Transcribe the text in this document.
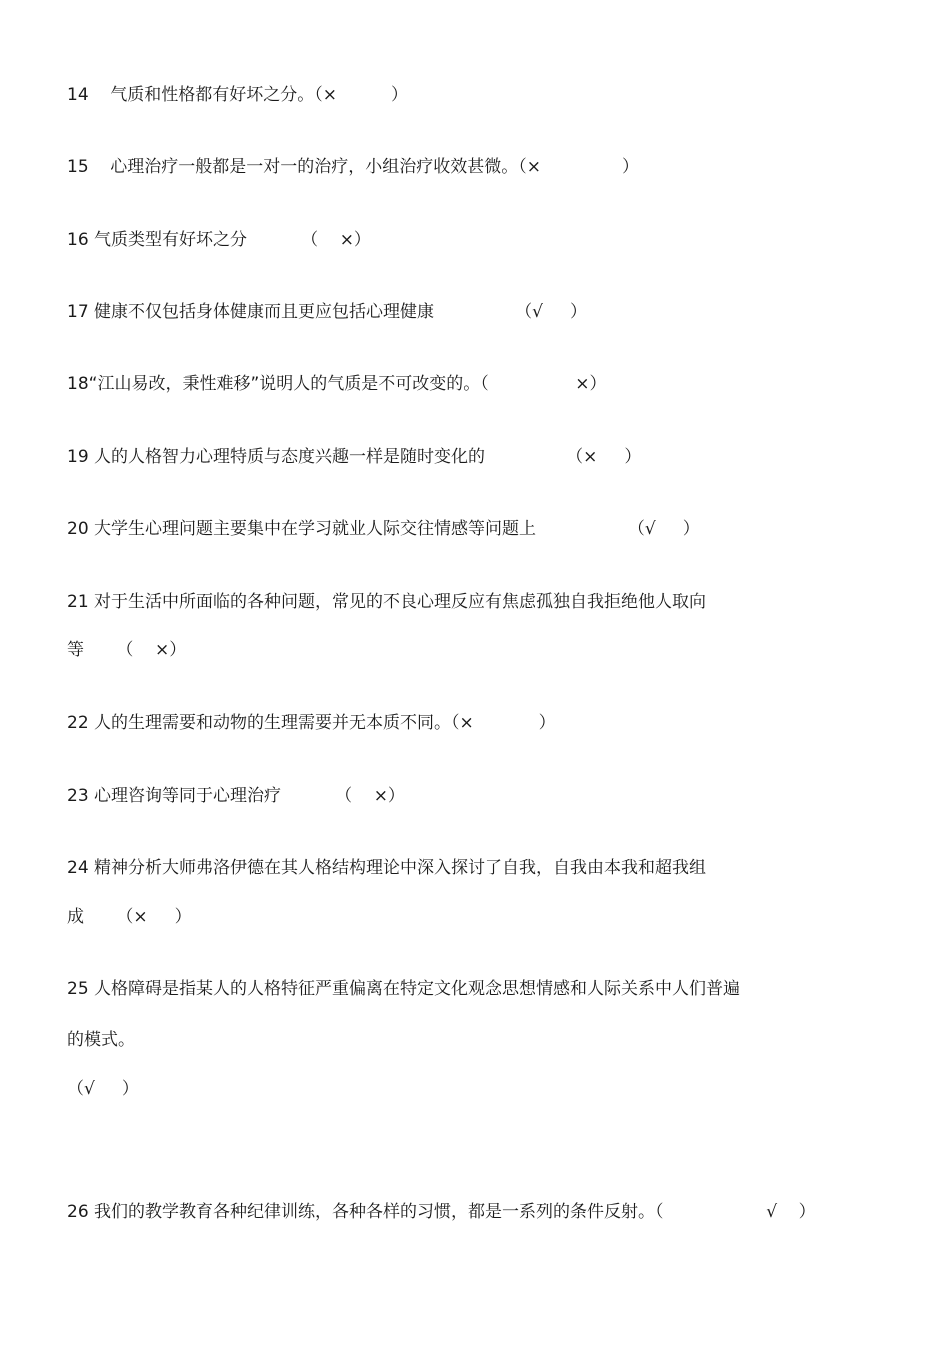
14    气质和性格都有好坏之分。（×          ）
15    心理治疗一般都是一对一的治疗，小组治疗收效甚微。（×               ）
16 气质类型有好坏之分          （    ×）
17 健康不仅包括身体健康而且更应包括心理健康               （√     ）
18“江山易改，秉性难移”说明人的气质是不可改变的。（                ×）
19 人的人格智力心理特质与态度兴趣一样是随时变化的               （×     ）
20 大学生心理问题主要集中在学习就业人际交往情感等问题上                 （√     ）
21 对于生活中所面临的各种问题，常见的不良心理反应有焦虑孤独自我拒绝他人取向
等      （    ×）
22 人的生理需要和动物的生理需要并无本质不同。（×            ）
23 心理咨询等同于心理治疗          （    ×）
24 精神分析大师弗洛伊德在其人格结构理论中深入探讨了自我，自我由本我和超我组
成      （×     ）
25 人格障碍是指某人的人格特征严重偏离在特定文化观念思想情感和人际关系中人们普遍
的模式。
（√     ）
26 我们的教学教育各种纪律训练，各种各样的习惯，都是一系列的条件反射。（                   √    ）
